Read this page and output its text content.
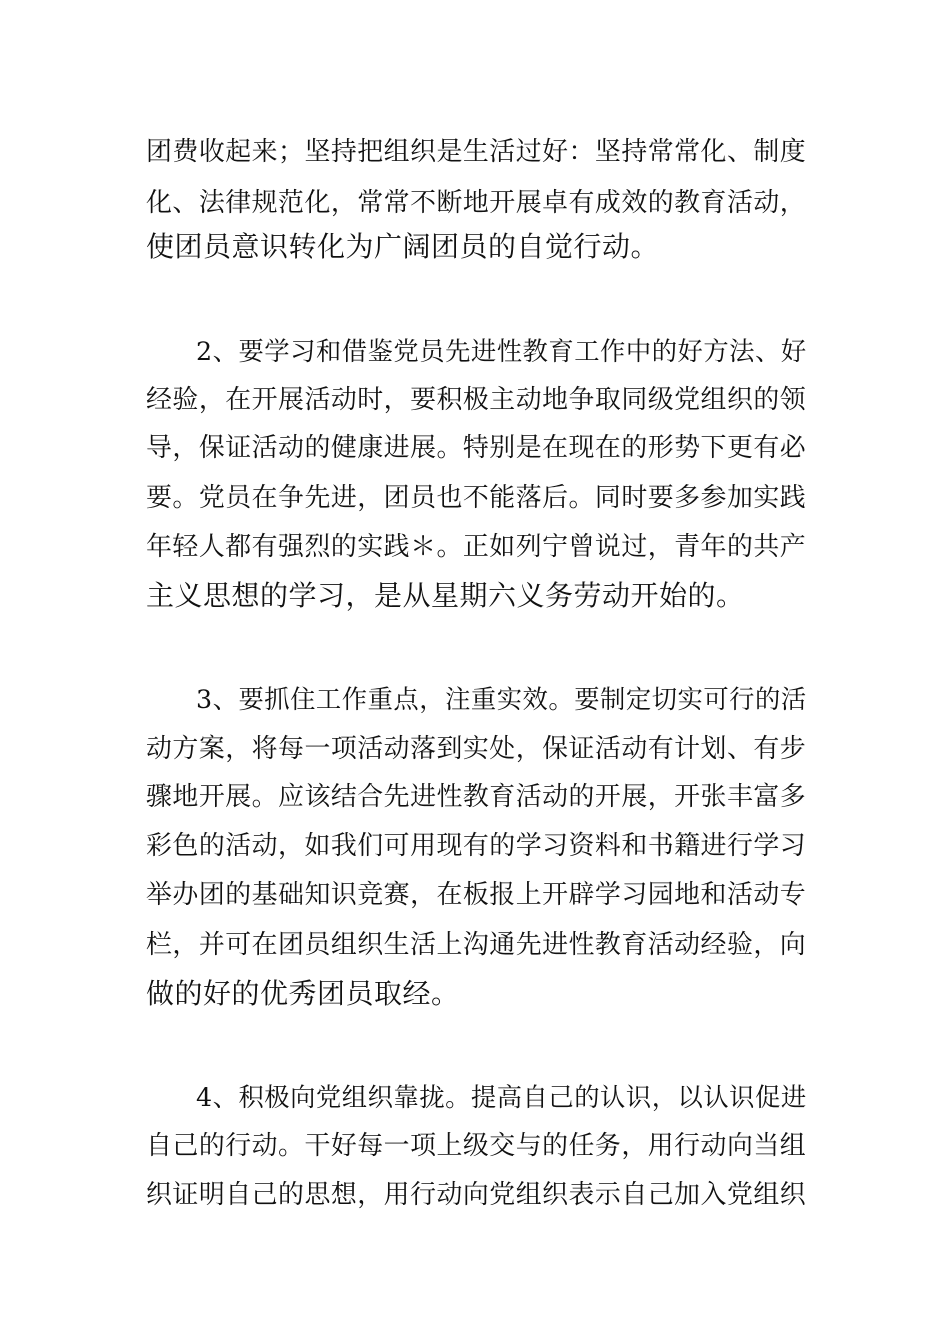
团费收起来；坚持把组织是生活过好：坚持常常化、制度
化、法律规范化，常常不断地开展卓有成效的教育活动，
使团员意识转化为广阔团员的自觉行动。
2、要学习和借鉴党员先进性教育工作中的好方法、好
经验，在开展活动时，要积极主动地争取同级党组织的领
导，保证活动的健康进展。特别是在现在的形势下更有必
要。党员在争先进，团员也不能落后。同时要多参加实践
年轻人都有强烈的实践＊。正如列宁曾说过，青年的共产
主义思想的学习，是从星期六义务劳动开始的。
3、要抓住工作重点，注重实效。要制定切实可行的活
动方案，将每一项活动落到实处，保证活动有计划、有步
骤地开展。应该结合先进性教育活动的开展，开张丰富多
彩色的活动，如我们可用现有的学习资料和书籍进行学习
举办团的基础知识竞赛，在板报上开辟学习园地和活动专
栏，并可在团员组织生活上沟通先进性教育活动经验，向
做的好的优秀团员取经。
4、积极向党组织靠拢。提高自己的认识，以认识促进
自己的行动。干好每一项上级交与的任务，用行动向当组
织证明自己的思想，用行动向党组织表示自己加入党组织
